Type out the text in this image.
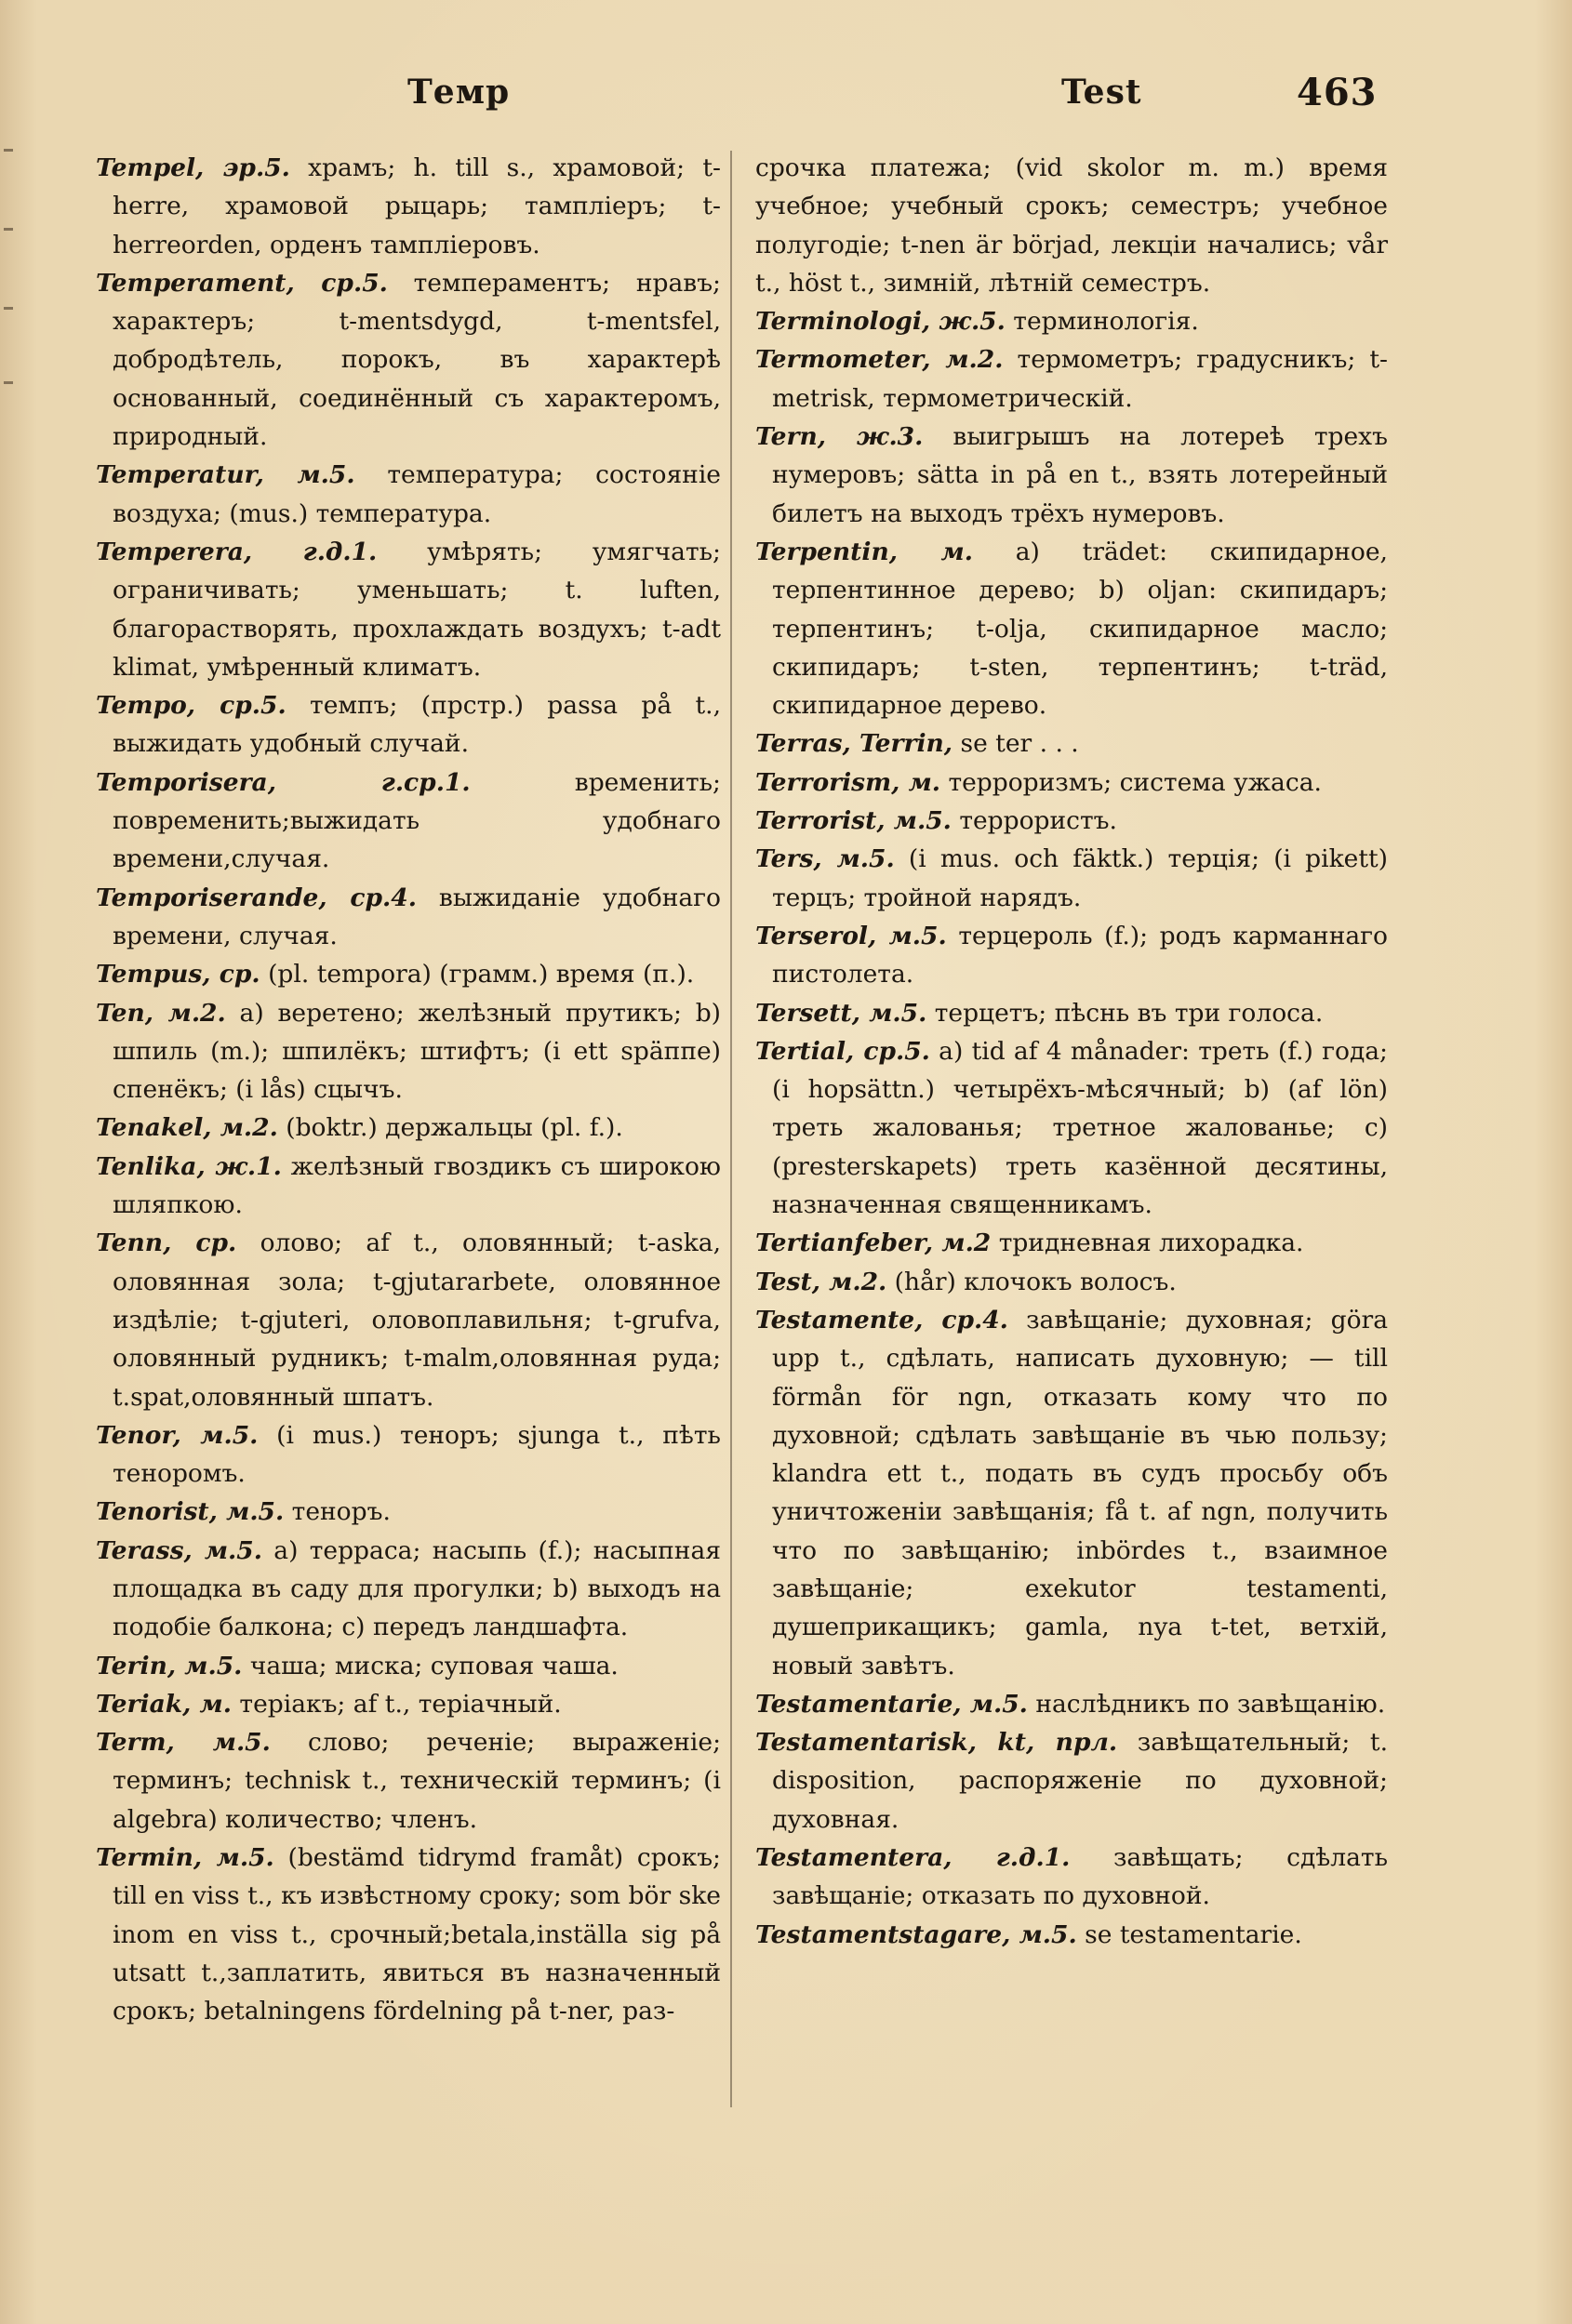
Темр	Test	463
Tempel, эр.5. храмъ; h. till s., храмовой; t-herre, храмовой рыцарь; тампліеръ; t-herreorden, орденъ тампліеровъ.
Temperament, ср.5. темпераментъ; нравъ; характеръ; t-mentsdygd, t-mentsfel, добродѣтель, порокъ, въ характерѣ основанный, соединённый съ характеромъ, природный.
Temperatur, м.5. температура; состояніе воздуха; (mus.) температура.
Temperera, г.д.1. умѣрять; умягчать; ограничивать; уменьшать; t. luften, благорастворять, прохлаждать воздухъ; t-adt klimat, умѣренный климатъ.
Tempo, ср.5. темпъ; (прстр.) passa på t., выжидать удобный случай.
Temporisera, г.ср.1.	временить; повременить;выжидать удобнаго времени,случая.
Temporiserande, ср.4. выжиданіе удобнаго времени, случая.
Tempus, ср. (pl. tempora) (грамм.) время (п.).
Ten, м.2. a) веретено; желѣзный прутикъ; b) шпиль (m.); шпилёкъ; штифтъ; (i ett späппе) спенёкъ; (i lås) сцычъ.
Tenakel, м.2. (boktr.) держальцы (pl. f.).
Tenlika, ж.1. желѣзный гвоздикъ съ широкою шляпкою.
Tenn, ср. олово; af t., оловянный; t-aska, оловянная зола; t-gjutararbete, оловянное издѣліе; t-gjuteri, оловоплавильня; t-grufva, оловянный рудникъ; t-malm,оловянная руда; t.spat,оловянный шпатъ.
Tenor, м.5. (i mus.) теноръ; sjunga t., пѣть теноромъ.
Tenorist, м.5. теноръ.
Terass, м.5. a) терраса; насыпь (f.); насыпная площадка въ саду для прогулки; b) выходъ на подобіе балкона; c) передъ ландшафта.
Terin, м.5. чаша; миска; суповая чаша.
Teriak, м. теріакъ; af t., теріачный.
Term, м.5. слово; реченіе; выраженіе; терминъ; technisk t., техническій терминъ; (i algebra) количество; членъ.
Termin, м.5. (bestämd tidrymd framåt) срокъ; till en viss t., къ извѣстному сроку; som bör ske inom en viss t., срочный;betala,inställa sig på utsatt t.,заплатить, явиться въ назначенный срокъ; betalningens fördelning på t-ner, раз-
срочка платежа; (vid skolor m. m.) время учебное; учебный срокъ; семестръ; учебное полугодіе; t-nen är börjad, лекціи начались; vår t., höst t., зимній, лѣтній семестръ.
Terminologi, ж.5. терминологія.
Termometer, м.2. термометръ; градусникъ; t-metrisk, термометрическій.
Tern, ж.3. выигрышъ на лотереѣ трехъ нумеровъ; sätta in på en t., взять лотерейный билетъ на выходъ трёхъ нумеровъ.
Terpentin, м. a) trädet: скипидарное, терпентинное дерево; b) oljan: скипидаръ; терпентинъ; t-olja, скипидарное масло; скипидаръ; t-sten, терпентинъ; t-träd, скипидарное дерево.
Terras, Terrin, se ter . . .
Terrorism, м. терроризмъ; система ужаса.
Terrorist, м.5. террористъ.
Ters, м.5. (i mus. och fäktk.) терція; (i pikett) терцъ; тройной нарядъ.
Terserol, м.5. терцероль (f.); родъ карманнаго пистолета.
Tersett, м.5. терцетъ; пѣснь въ три голоса.
Tertial, ср.5. a) tid af 4 månader: треть (f.) года; (i hopsättn.) четырёхъ-мѣсячный; b) (af lön) треть жалованья; третное жалованье; c) (presterskapets) треть казённой десятины, назначенная священникамъ.
Tertianfeber, м.2 тридневная лихорадка.
Test, м.2. (hår) клочокъ волосъ.
Testamente, ср.4. завѣщаніе; духовная; göra upp t., сдѣлать, написать духовную; — till förmån för ngn, отказать кому что по духовной; сдѣлать завѣщаніе въ чью пользу; klandra ett t., подать въ судъ просьбу объ уничтоженіи завѣщанія; få t. af ngn, получить что по завѣщанію; inbördes t., взаимное завѣщаніе; exekutor testamenti, душеприкащикъ; gamla, nya t-tet, ветхій, новый завѣтъ.
Testamentarie, м.5. наслѣдникъ по завѣщанію.
Testamentarisk, kt, прл. завѣщательный; t. disposition, распоряженіе по духовной; духовная.
Testamentera, г.д.1. завѣщать; сдѣлать завѣщаніе; отказать по духовной.
Testamentstagare, м.5. se testamentarie.
